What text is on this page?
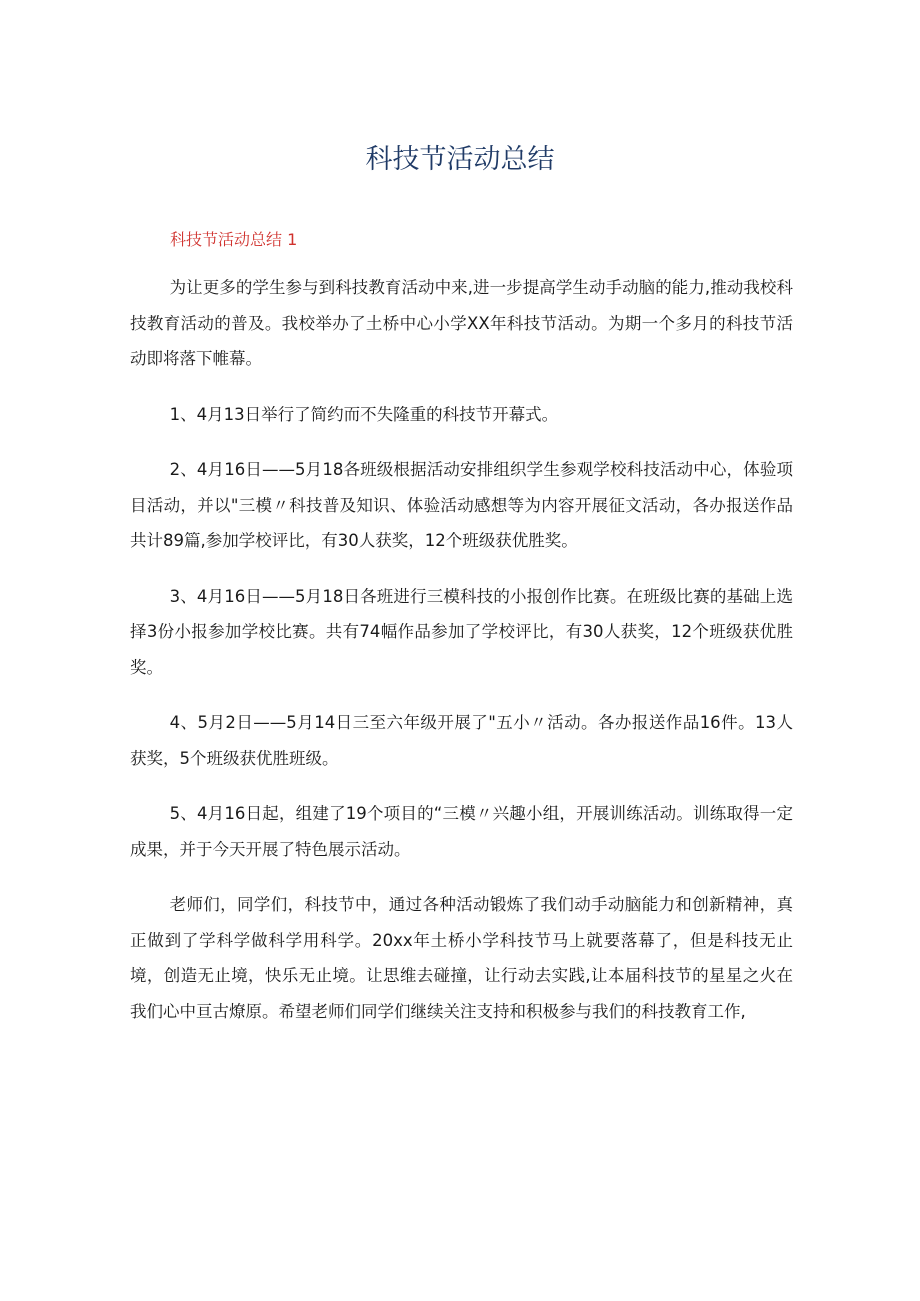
科技节活动总结
科技节活动总结 1

为让更多的学生参与到科技教育活动中来,进一步提高学生动手动脑的能力,推动我校科技教育活动的普及。我校举办了土桥中心小学XX年科技节活动。为期一个多月的科技节活动即将落下帷幕。

1、4月13日举行了简约而不失隆重的科技节开幕式。

2、4月16日——5月18各班级根据活动安排组织学生参观学校科技活动中心，体验项目活动，并以"三模〃科技普及知识、体验活动感想等为内容开展征文活动，各办报送作品共计89篇,参加学校评比，有30人获奖，12个班级获优胜奖。

3、4月16日——5月18日各班进行三模科技的小报创作比赛。在班级比赛的基础上选择3份小报参加学校比赛。共有74幅作品参加了学校评比，有30人获奖，12个班级获优胜奖。

4、5月2日——5月14日三至六年级开展了"五小〃活动。各办报送作品16件。13人获奖，5个班级获优胜班级。

5、4月16日起，组建了19个项目的“三模〃兴趣小组，开展训练活动。训练取得一定成果，并于今天开展了特色展示活动。

老师们，同学们，科技节中，通过各种活动锻炼了我们动手动脑能力和创新精神，真正做到了学科学做科学用科学。20xx年土桥小学科技节马上就要落幕了，但是科技无止境，创造无止境，快乐无止境。让思维去碰撞，让行动去实践,让本届科技节的星星之火在我们心中亘古燎原。希望老师们同学们继续关注支持和积极参与我们的科技教育工作,
